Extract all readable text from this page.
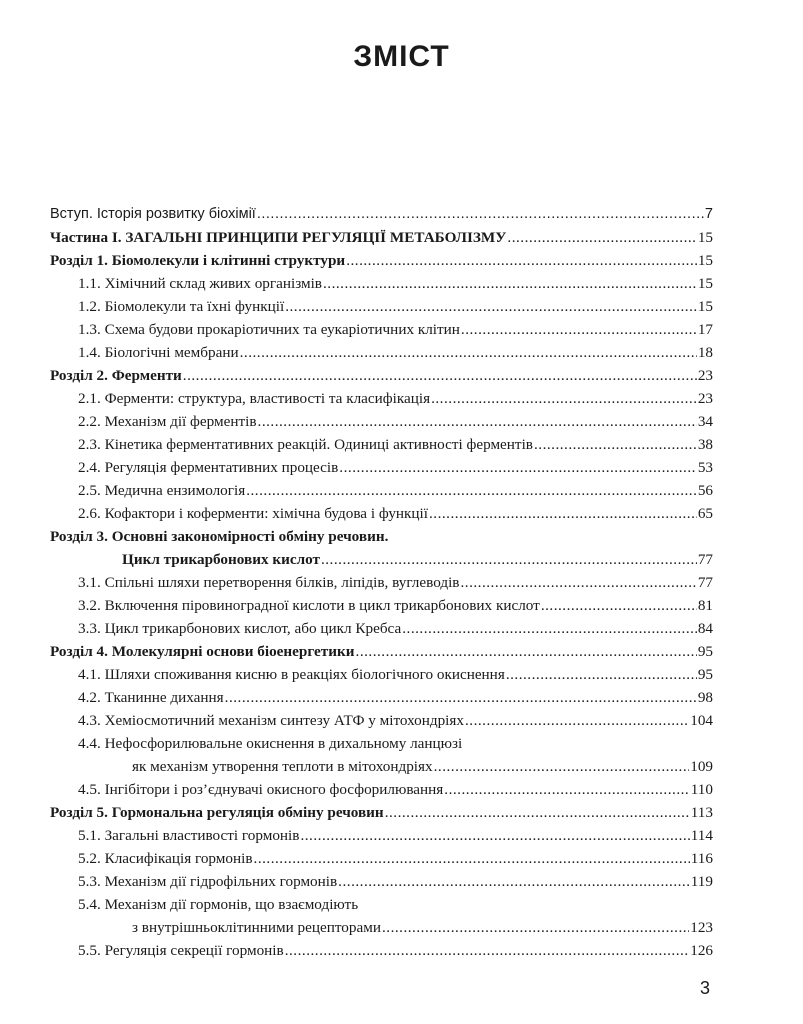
ЗМІСТ
Вступ. Історія розвитку біохімії .....	7
Частина І. ЗАГАЛЬНІ ПРИНЦИПИ РЕГУЛЯЦІЇ МЕТАБОЛІЗМУ .....	15
Розділ 1. Біомолекули і клітинні структури .....	15
1.1. Хімічний склад живих організмів .....	15
1.2. Біомолекули та їхні функції .....	15
1.3. Схема будови прокаріотичних та еукаріотичних клітин .....	17
1.4. Біологічні мембрани .....	18
Розділ 2. Ферменти .....	23
2.1. Ферменти: структура, властивості та класифікація .....	23
2.2. Механізм дії ферментів .....	34
2.3. Кінетика ферментативних реакцій. Одиниці активності ферментів .....	38
2.4. Регуляція ферментативних процесів .....	53
2.5. Медична ензимологія .....	56
2.6. Кофактори і коферменти: хімічна будова і функції .....	65
Розділ 3. Основні закономірності обміну речовин.
Цикл трикарбонових кислот .....	77
3.1. Спільні шляхи перетворення білків, ліпідів, вуглеводів .....	77
3.2. Включення піровиноградної кислоти в цикл трикарбонових кислот .....	81
3.3. Цикл трикарбонових кислот, або цикл Кребса .....	84
Розділ 4. Молекулярні основи біоенергетики .....	95
4.1. Шляхи споживання кисню в реакціях біологічного окиснення .....	95
4.2. Тканинне дихання .....	98
4.3. Хеміосмотичний механізм синтезу АТФ у мітохондріях .....	104
4.4. Нефосфорилювальне окиснення в дихальному ланцюзі
як механізм утворення теплоти в мітохондріях .....	109
4.5. Інгібітори і роз’єднувачі окисного фосфорилювання .....	110
Розділ 5. Гормональна регуляція обміну речовин .....	113
5.1. Загальні властивості гормонів .....	114
5.2. Класифікація гормонів .....	116
5.3. Механізм дії гідрофільних гормонів .....	119
5.4. Механізм дії гормонів, що взаємодіють
з внутрішньоклітинними рецепторами .....	123
5.5. Регуляція секреції гормонів .....	126
3
